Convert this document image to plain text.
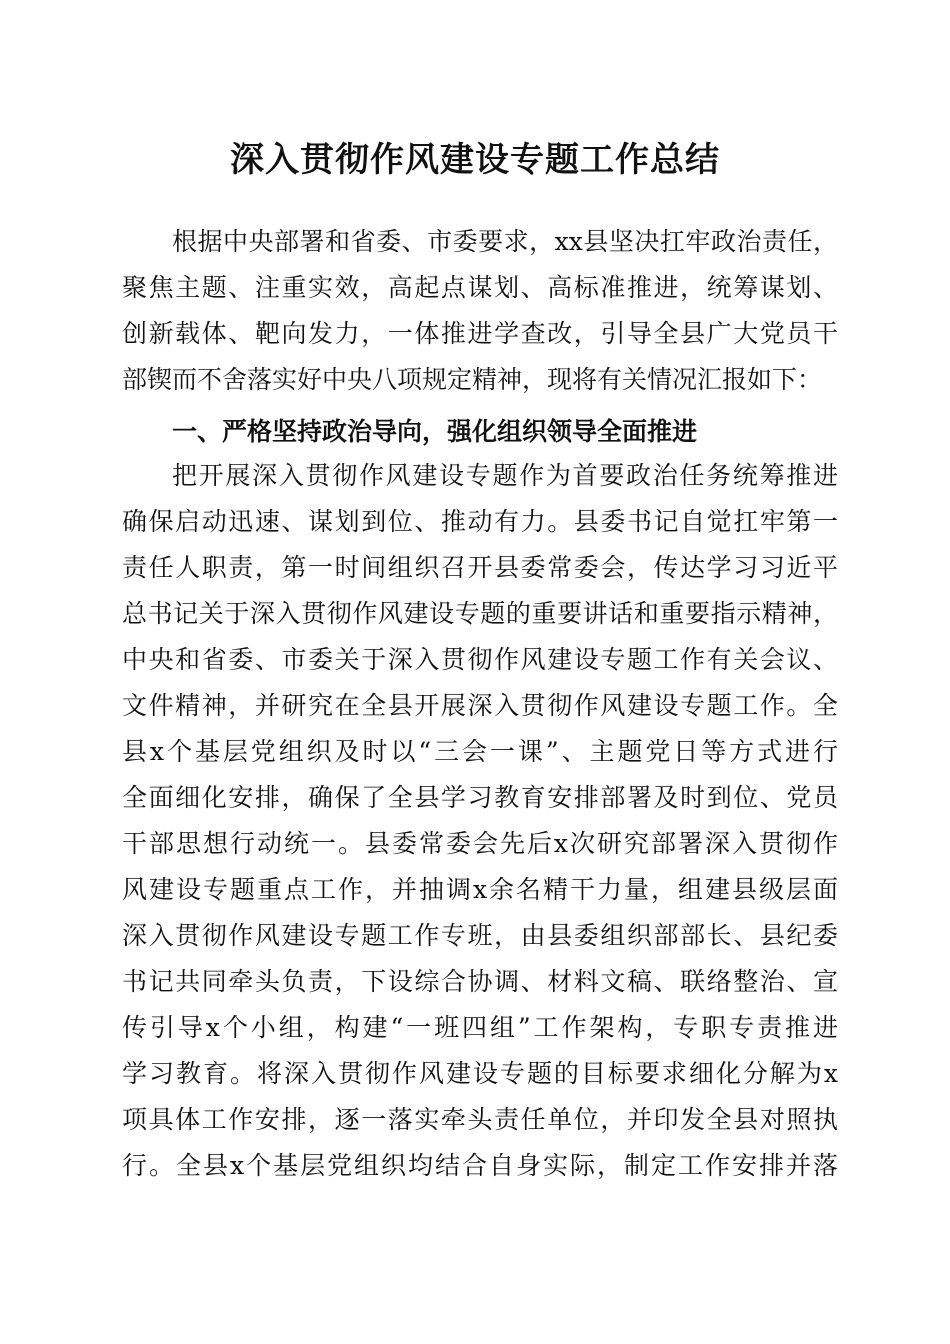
深入贯彻作风建设专题工作总结

根据中央部署和省委、市委要求，xx县坚决扛牢政治责任，

聚焦主题、注重实效，高起点谋划、高标准推进，统筹谋划、

创新载体、靶向发力，一体推进学查改，引导全县广大党员干

部锲而不舍落实好中央八项规定精神，现将有关情况汇报如下：

一、严格坚持政治导向，强化组织领导全面推进

把开展深入贯彻作风建设专题作为首要政治任务统筹推进

确保启动迅速、谋划到位、推动有力。县委书记自觉扛牢第一

责任人职责，第一时间组织召开县委常委会，传达学习习近平

总书记关于深入贯彻作风建设专题的重要讲话和重要指示精神，

中央和省委、市委关于深入贯彻作风建设专题工作有关会议、

文件精神，并研究在全县开展深入贯彻作风建设专题工作。全

县x个基层党组织及时以“三会一课”、主题党日等方式进行

全面细化安排，确保了全县学习教育安排部署及时到位、党员

干部思想行动统一。县委常委会先后x次研究部署深入贯彻作

风建设专题重点工作，并抽调x余名精干力量，组建县级层面

深入贯彻作风建设专题工作专班，由县委组织部部长、县纪委

书记共同牵头负责，下设综合协调、材料文稿、联络整治、宣

传引导x个小组，构建“一班四组”工作架构，专职专责推进

学习教育。将深入贯彻作风建设专题的目标要求细化分解为x

项具体工作安排，逐一落实牵头责任单位，并印发全县对照执

行。全县x个基层党组织均结合自身实际，制定工作安排并落
